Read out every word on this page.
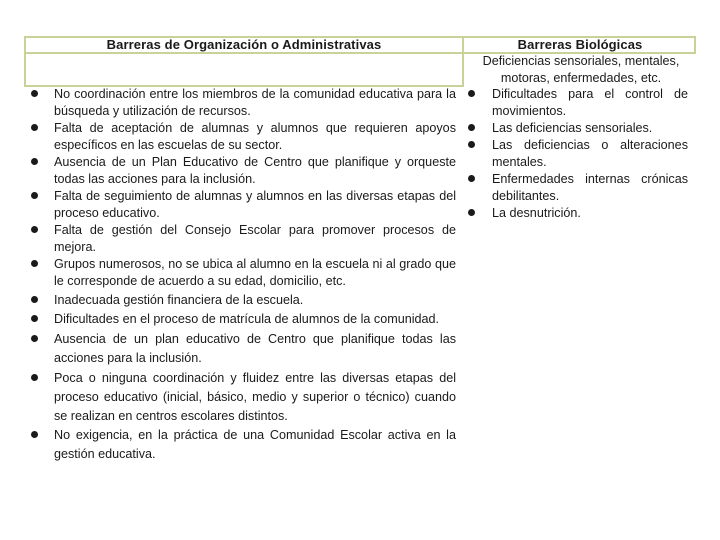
Barreras de Organización o Administrativas	Barreras Biológicas
No coordinación entre los miembros de la comunidad educativa para la búsqueda y utilización de recursos.
Falta de aceptación de alumnas y alumnos que requieren apoyos específicos en las escuelas de su sector.
Ausencia de un Plan Educativo de Centro que planifique y orqueste todas las acciones para la inclusión.
Falta de seguimiento de alumnas y alumnos en las diversas etapas del proceso educativo.
Falta de gestión del Consejo Escolar para promover procesos de mejora.
Grupos numerosos, no se ubica al alumno en la escuela ni al grado que le corresponde de acuerdo a su edad, domicilio, etc.
Inadecuada gestión financiera de la escuela.
Dificultades en el proceso de matrícula de alumnos de la comunidad.
Ausencia de un plan educativo de Centro que planifique todas las acciones para la inclusión.
Poca o ninguna coordinación y fluidez entre las diversas etapas del proceso educativo (inicial, básico, medio y superior o técnico) cuando se realizan en centros escolares distintos.
No exigencia, en la práctica de una Comunidad Escolar activa en la gestión educativa.
Deficiencias sensoriales, mentales, motoras, enfermedades, etc.
Dificultades para el control de movimientos.
Las deficiencias sensoriales.
Las deficiencias o alteraciones mentales.
Enfermedades internas crónicas debilitantes.
La desnutrición.
